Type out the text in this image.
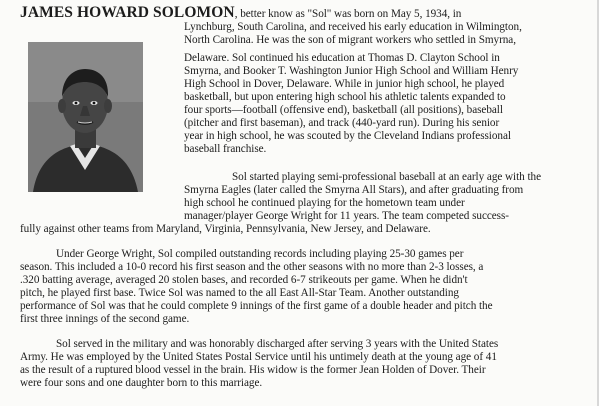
JAMES HOWARD SOLOMON, better know as "Sol" was born on May 5, 1934, in
Lynchburg, South Carolina, and received his early education in Wilmington,
North Carolina. He was the son of migrant workers who settled in Smyrna,
Delaware. Sol continued his education at Thomas D. Clayton School in
Smyrna, and Booker T. Washington Junior High School and William Henry
High School in Dover, Delaware. While in junior high school, he played
basketball, but upon entering high school his athletic talents expanded to
four sports—football (offensive end), basketball (all positions), baseball
(pitcher and first baseman), and track (440-yard run). During his senior
year in high school, he was scouted by the Cleveland Indians professional
baseball franchise.
Sol started playing semi-professional baseball at an early age with the
Smyrna Eagles (later called the Smyrna All Stars), and after graduating from
high school he continued playing for the hometown team under
manager/player George Wright for 11 years. The team competed success-
fully against other teams from Maryland, Virginia, Pennsylvania, New Jersey, and Delaware.
Under George Wright, Sol compiled outstanding records including playing 25-30 games per
season. This included a 10-0 record his first season and the other seasons with no more than 2-3 losses, a
.320 batting average, averaged 20 stolen bases, and recorded 6-7 strikeouts per game. When he didn't
pitch, he played first base. Twice Sol was named to the all East All-Star Team. Another outstanding
performance of Sol was that he could complete 9 innings of the first game of a double header and pitch the
first three innings of the second game.
Sol served in the military and was honorably discharged after serving 3 years with the United States
Army. He was employed by the United States Postal Service until his untimely death at the young age of 41
as the result of a ruptured blood vessel in the brain. His widow is the former Jean Holden of Dover. Their
were four sons and one daughter born to this marriage.
